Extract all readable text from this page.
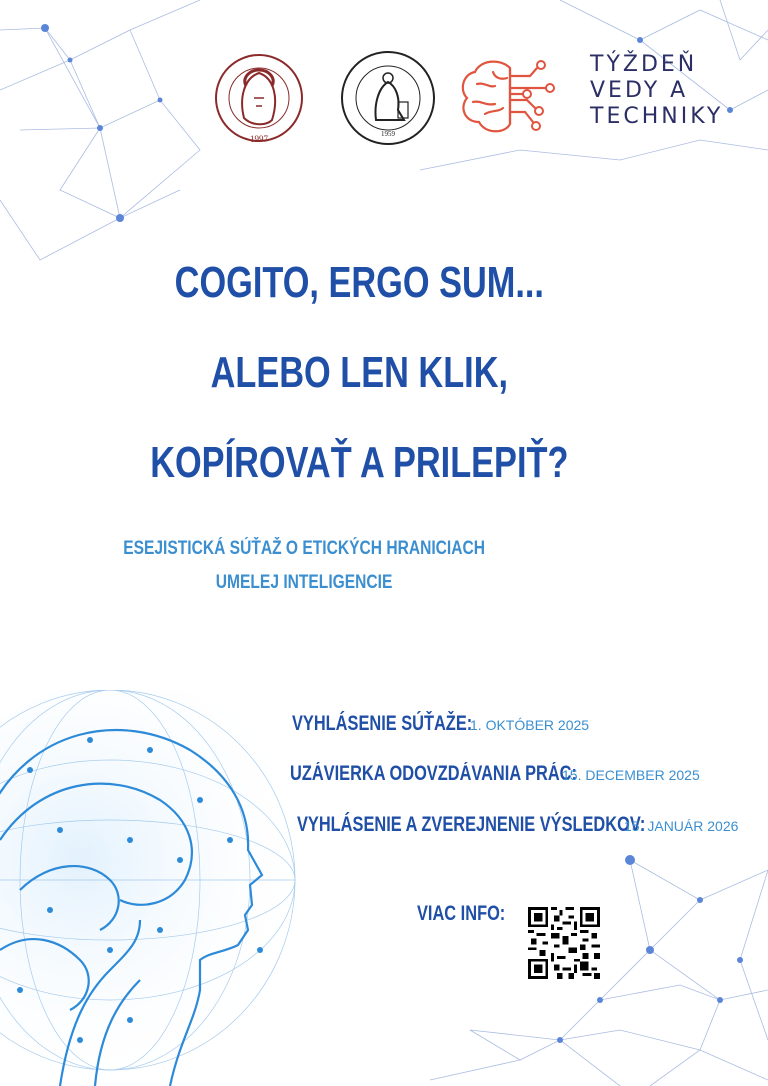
1997	1959
TÝŽDEŇ
VEDY A
TECHNIKY
COGITO, ERGO SUM...
ALEBO LEN KLIK,
KOPÍROVAŤ A PRILEPIŤ?
ESEJISTICKÁ SÚŤAŽ O ETICKÝCH HRANICIACH
UMELEJ INTELIGENCIE
VYHLÁSENIE SÚŤAŽE:
1. OKTÓBER 2025
UZÁVIERKA ODOVZDÁVANIA PRÁC:
15. DECEMBER 2025
VYHLÁSENIE A ZVEREJNENIE VÝSLEDKOV:
15. JANUÁR 2026
VIAC INFO:
